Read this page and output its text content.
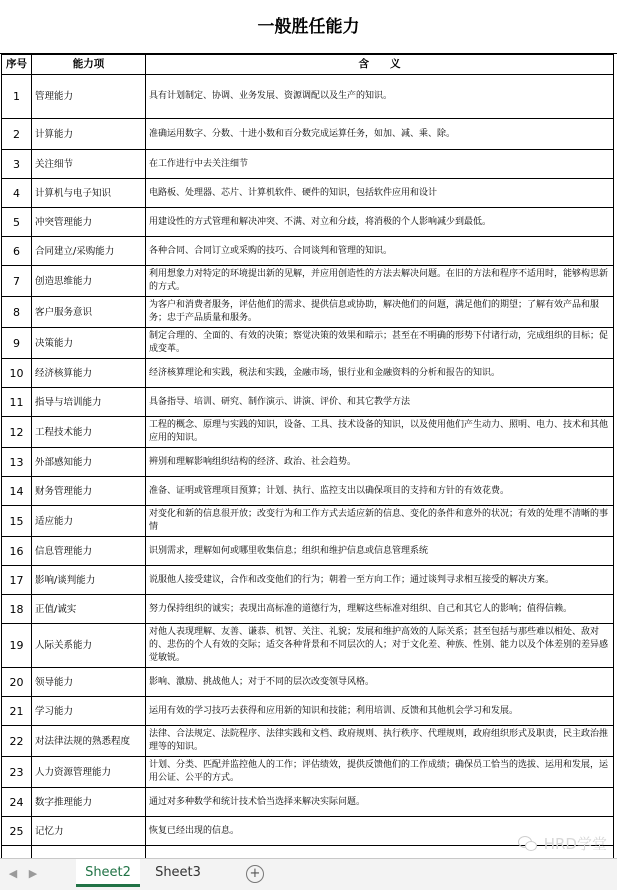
一般胜任能力
序号	能力项	含　　义
1	管理能力	具有计划制定、协调、业务发展、资源调配以及生产的知识。
2	计算能力	准确运用数字、分数、十进小数和百分数完成运算任务，如加、减、乘、除。
3	关注细节	在工作进行中去关注细节
4	计算机与电子知识	电路板、处理器、芯片、计算机软件、硬件的知识，包括软件应用和设计
5	冲突管理能力	用建设性的方式管理和解决冲突、不满、对立和分歧，将消极的个人影响减少到最低。
6	合同建立/采购能力	各种合同、合同订立或采购的技巧、合同谈判和管理的知识。
7	创造思维能力	利用想象力对特定的环境提出新的见解，并应用创造性的方法去解决问题。在旧的方法和程序不适用时，能够构思新的方式。
8	客户服务意识	为客户和消费者服务，评估他们的需求、提供信息或协助，解决他们的问题，满足他们的期望；了解有效产品和服务；忠于产品质量和服务。
9	决策能力	制定合理的、全面的、有效的决策；察觉决策的效果和暗示；甚至在不明确的形势下付诸行动，完成组织的目标；促成变革。
10	经济核算能力	经济核算理论和实践，税法和实践，金融市场，银行业和金融资料的分析和报告的知识。
11	指导与培训能力	具备指导、培训、研究、制作演示、讲演、评价、和其它教学方法
12	工程技术能力	工程的概念、原理与实践的知识，设备、工具、技术设备的知识，以及使用他们产生动力、照明、电力、技术和其他应用的知识。
13	外部感知能力	辨别和理解影响组织结构的经济、政治、社会趋势。
14	财务管理能力	准备、证明或管理项目预算；计划、执行、监控支出以确保项目的支持和方针的有效花费。
15	适应能力	对变化和新的信息很开放；改变行为和工作方式去适应新的信息、变化的条件和意外的状况；有效的处理不清晰的事情
16	信息管理能力	识别需求，理解如何或哪里收集信息；组织和维护信息或信息管理系统
17	影响/谈判能力	说服他人接受建议，合作和改变他们的行为；朝着一至方向工作；通过谈判寻求相互接受的解决方案。
18	正值/诚实	努力保持组织的诚实；表现出高标准的道德行为，理解这些标准对组织、自己和其它人的影响；值得信赖。
19	人际关系能力	对他人表现理解、友善、谦恭、机智、关注、礼貌；发展和维护高效的人际关系；甚至包括与那些难以相处、敌对的、悲伤的个人有效的交际；适交各种背景和不同层次的人；对于文化差、种族、性别、能力以及个体差别的差异感觉敏锐。
20	领导能力	影响、激励、挑战他人；对于不同的层次改变领导风格。
21	学习能力	运用有效的学习技巧去获得和应用新的知识和技能；利用培训、反馈和其他机会学习和发展。
22	对法律法规的熟悉程度	法律、合法规定、法院程序、法律实践和文档、政府规则、执行秩序、代理规则，政府组织形式及职责，民主政治推理等的知识。
23	人力资源管理能力	计划、分类、匹配并监控他人的工作；评估绩效，提供反馈他们的工作成绩；确保员工恰当的选拔、运用和发展，运用公证、公平的方式。
24	数字推理能力	通过对多种数学和统计技术恰当选择来解决实际问题。
25	记忆力	恢复已经出现的信息。

HRD学堂
◀ ▶	Sheet2	Sheet3	+
